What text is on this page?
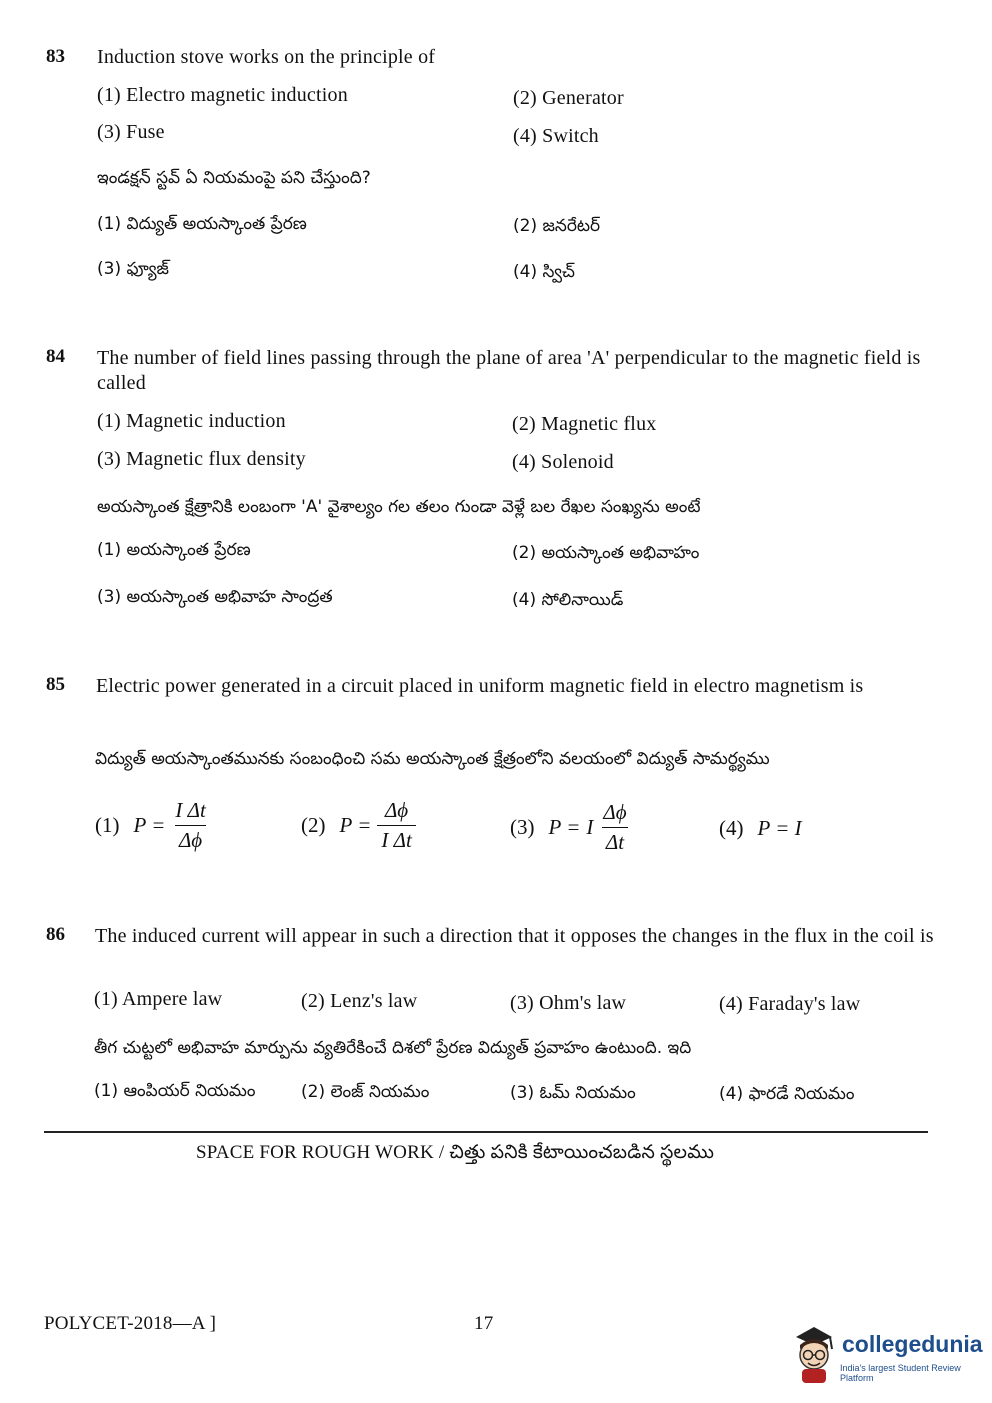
83 Induction stove works on the principle of
(1) Electro magnetic induction	(2) Generator
(3) Fuse	(4) Switch
ఇండక్షన్ స్టవ్ ఏ నియమంపై పని చేస్తుంది?
(1) విద్యుత్ అయస్కాంత ప్రేరణ	(2) జనరేటర్
(3) ఫ్యూజ్	(4) స్విచ్
84 The number of field lines passing through the plane of area 'A' perpendicular to the magnetic field is called
(1) Magnetic induction	(2) Magnetic flux
(3) Magnetic flux density	(4) Solenoid
అయస్కాంత క్షేత్రానికి లంబంగా 'A' వైశాల్యం గల తలం గుండా వెళ్లే బల రేఖల సంఖ్యను అంటే
(1) అయస్కాంత ప్రేరణ	(2) అయస్కాంత అభివాహం
(3) అయస్కాంత అభివాహ సాంద్రత	(4) సోలినాయిడ్
85 Electric power generated in a circuit placed in uniform magnetic field in electro magnetism is
విద్యుత్ అయస్కాంతమునకు సంబంధించి సమ అయస్కాంత క్షేత్రంలోని వలయంలో విద్యుత్ సామర్థ్యము
(1) $P = \frac{\text{I Δt}}{\Delta\phi}$	(2) $P = \frac{\Delta\phi}{\text{I Δt}}$	(3) P = I $\frac{\Delta\phi}{\Delta t}$	(4) P = I
86 The induced current will appear in such a direction that it opposes the changes in the flux in the coil is
(1) Ampere law	(2) Lenz's law	(3) Ohm's law	(4) Faraday's law
తీగ చుట్టలో అభివాహ మార్పును వ్యతిరేకించే దిశలో ప్రేరణ విద్యుత్ ప్రవాహం ఉంటుంది. ఇది
(1) ఆంపియర్ నియమం	(2) లెంజ్ నియమం	(3) ఓమ్ నియమం	(4) ఫారడే నియమం
SPACE FOR ROUGH WORK / చిత్తు పనికి కేటాయించబడిన స్థలము
POLYCET-2018—A ]	17
collegedunia
India's largest Student Review Platform
